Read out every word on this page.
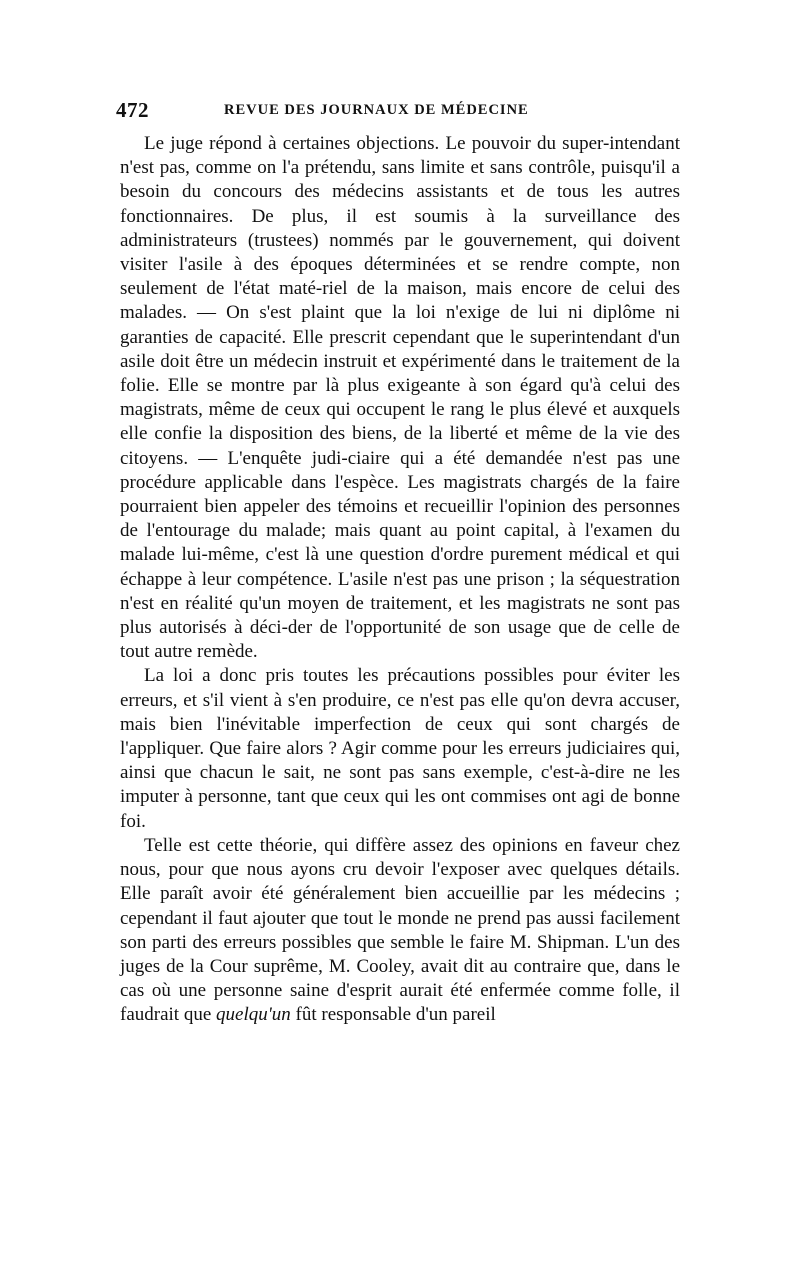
472	REVUE DES JOURNAUX DE MÉDECINE

Le juge répond à certaines objections. Le pouvoir du super-intendant n'est pas, comme on l'a prétendu, sans limite et sans contrôle, puisqu'il a besoin du concours des médecins assistants et de tous les autres fonctionnaires. De plus, il est soumis à la surveillance des administrateurs (trustees) nommés par le gouvernement, qui doivent visiter l'asile à des époques déterminées et se rendre compte, non seulement de l'état maté-riel de la maison, mais encore de celui des malades. — On s'est plaint que la loi n'exige de lui ni diplôme ni garanties de capacité. Elle prescrit cependant que le superintendant d'un asile doit être un médecin instruit et expérimenté dans le traitement de la folie. Elle se montre par là plus exigeante à son égard qu'à celui des magistrats, même de ceux qui occupent le rang le plus élevé et auxquels elle confie la disposition des biens, de la liberté et même de la vie des citoyens. — L'enquête judi-ciaire qui a été demandée n'est pas une procédure applicable dans l'espèce. Les magistrats chargés de la faire pourraient bien appeler des témoins et recueillir l'opinion des personnes de l'entourage du malade; mais quant au point capital, à l'examen du malade lui-même, c'est là une question d'ordre purement médical et qui échappe à leur compétence. L'asile n'est pas une prison ; la séquestration n'est en réalité qu'un moyen de traitement, et les magistrats ne sont pas plus autorisés à déci-der de l'opportunité de son usage que de celle de tout autre remède.

La loi a donc pris toutes les précautions possibles pour éviter les erreurs, et s'il vient à s'en produire, ce n'est pas elle qu'on devra accuser, mais bien l'inévitable imperfection de ceux qui sont chargés de l'appliquer. Que faire alors ? Agir comme pour les erreurs judiciaires qui, ainsi que chacun le sait, ne sont pas sans exemple, c'est-à-dire ne les imputer à personne, tant que ceux qui les ont commises ont agi de bonne foi.

Telle est cette théorie, qui diffère assez des opinions en faveur chez nous, pour que nous ayons cru devoir l'exposer avec quelques détails. Elle paraît avoir été généralement bien accueillie par les médecins ; cependant il faut ajouter que tout le monde ne prend pas aussi facilement son parti des erreurs possibles que semble le faire M. Shipman. L'un des juges de la Cour suprême, M. Cooley, avait dit au contraire que, dans le cas où une personne saine d'esprit aurait été enfermée comme folle, il faudrait que quelqu'un fût responsable d'un pareil
